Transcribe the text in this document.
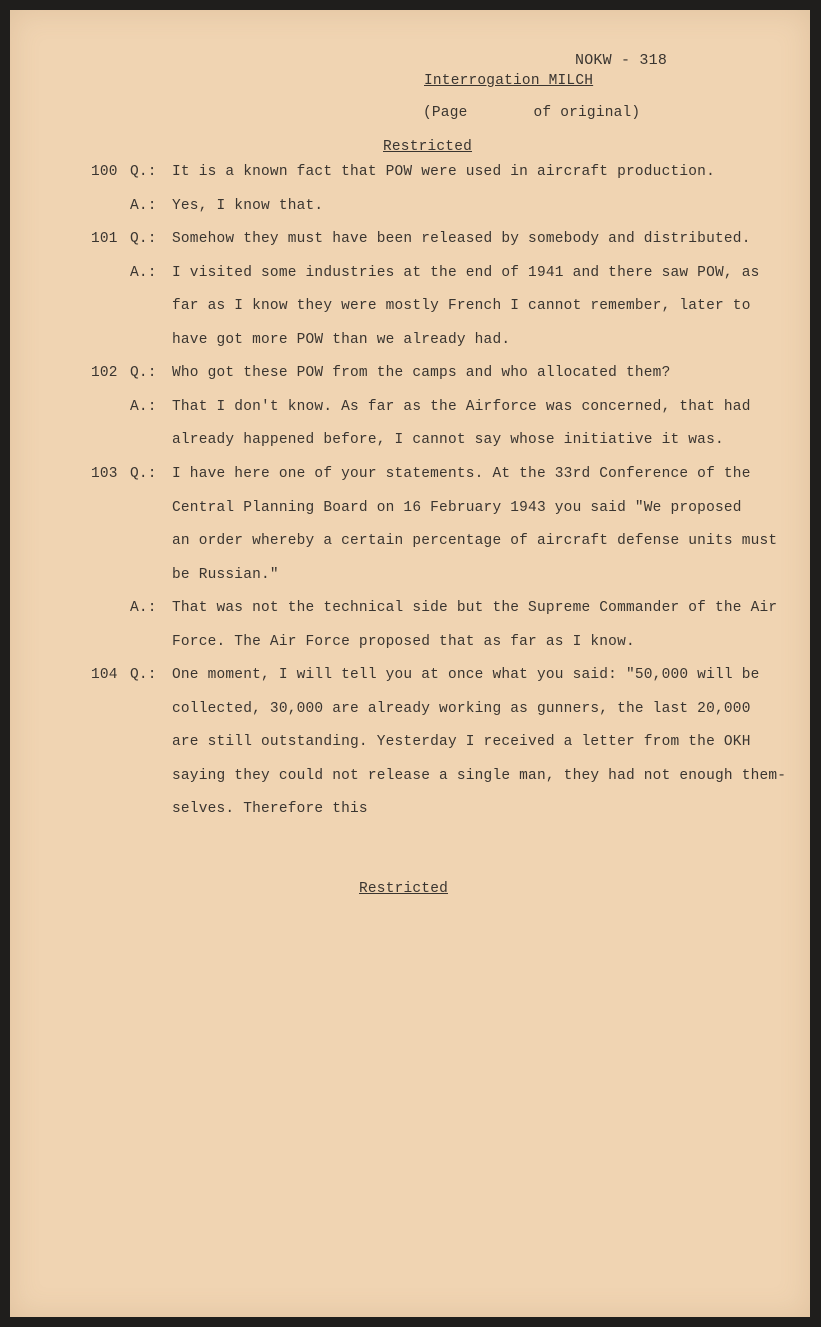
NOKW - 318
Interrogation MILCH
(Page	of original)
Restricted
100 Q.: It is a known fact that POW were used in aircraft production.
A.: Yes, I know that.
101 Q.: Somehow they must have been released by somebody and distributed.
A.: I visited some industries at the end of 1941 and there saw POW, as
far as I know they were mostly French I cannot remember, later to
have got more POW than we already had.
102 Q.: Who got these POW from the camps and who allocated them?
A.: That I don't know. As far as the Airforce was concerned, that had
already happened before, I cannot say whose initiative it was.
103 Q.: I have here one of your statements. At the 33rd Conference of the
Central Planning Board on 16 February 1943 you said "We proposed
an order whereby a certain percentage of aircraft defense units must
be Russian."
A.: That was not the technical side but the Supreme Commander of the Air
Force. The Air Force proposed that as far as I know.
104 Q.: One moment, I will tell you at once what you said: "50,000 will be
collected, 30,000 are already working as gunners, the last 20,000
are still outstanding. Yesterday I received a letter from the OKH
saying they could not release a single man, they had not enough them-
selves. Therefore this
Restricted
